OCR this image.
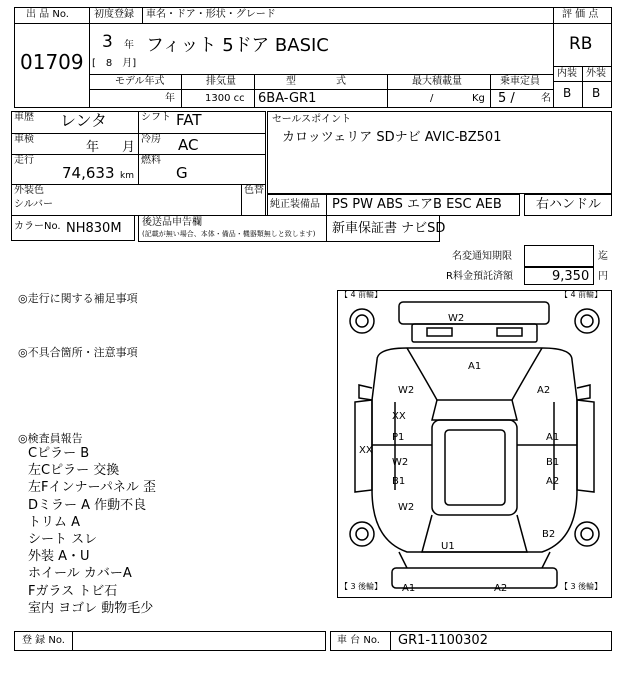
出 品 No.
01709
初度登録 車名・ドア・形状・グレード
3 年
[　8　月]
フィット 5ドア BASIC
モデル年式	排気量	型　　　　式	最大積載量	乗車定員
年	1300 cc 6BA-GR1	/	Kg 5 /	名
評 価 点
RB
内装 外装
B B
車歴 レンタ	シフト FAT
車検
年 月
冷房 AC
走行
74,633 km
燃料
G
外装色
シルバー
色替
カラーNo. NH830M
セールスポイント
カロッツェリア SDナビ AVIC-BZ501
純正装備品 PS PW ABS エアB ESC AEB	右ハンドル
後送品申告欄
(記載が無い場合、本体・備品・機器類無しと致します) 新車保証書 ナビSD
名変通知期限	迄
R料金預託済額	9,350 円
◎走行に関する補足事項
◎不具合箇所・注意事項
◎検査員報告
Cピラー B
左Cピラー 交換
左Fインナーパネル 歪
Dミラー A 作動不良
トリム A
シート スレ
外装 A・U
ホイール カバーA
Fガラス トビ石
室内 ヨゴレ 動物毛少
【 4 前輪】	【 4 前輪】
【 3 後輪】	【 3 後輪】
W2
A1
W2	A2
XX
XX
P1
W2
B1
A1
B1
A2
W2
U1
B2
A1	A2
登 録 No.	車 台 No. GR1-1100302
